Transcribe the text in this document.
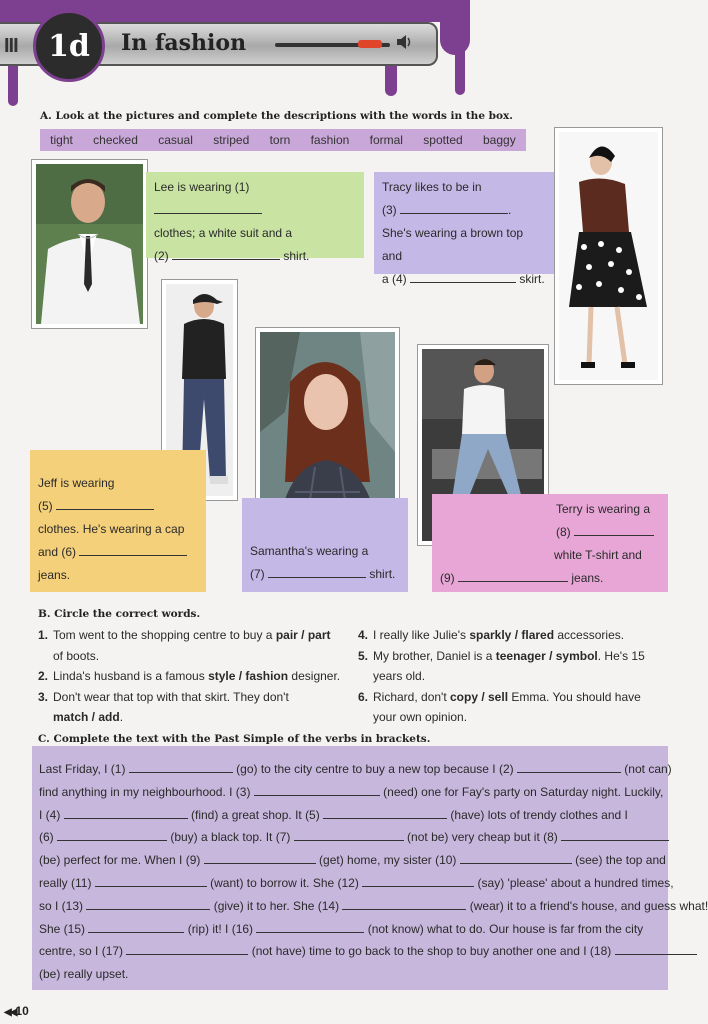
III 1d In fashion
A. Look at the pictures and complete the descriptions with the words in the box.
tight checked casual striped torn fashion formal spotted baggy
Lee is wearing (1)
clothes; a white suit and a
(2)	shirt.
Tracy likes to be in
(3)	.
She's wearing a brown top and
a (4)	skirt.
Jeff is wearing
(5)
clothes. He's wearing a cap
and (6)
jeans.
Samantha's wearing a
(7)	shirt.
Terry is wearing a
(8)
white T-shirt and
(9)	jeans.
B. Circle the correct words.
1. Tom went to the shopping centre to buy a pair / part
of boots.
2. Linda's husband is a famous style / fashion designer.
3. Don't wear that top with that skirt. They don't
match / add.
4. I really like Julie's sparkly / flared accessories.
5. My brother, Daniel is a teenager / symbol. He's 15
years old.
6. Richard, don't copy / sell Emma. You should have
your own opinion.
C. Complete the text with the Past Simple of the verbs in brackets.
Last Friday, I (1)	(go) to the city centre to buy a new top because I (2)	(not can)
find anything in my neighbourhood. I (3)	(need) one for Fay's party on Saturday night. Luckily,
I (4)	(find) a great shop. It (5)	(have) lots of trendy clothes and I
(6)	(buy) a black top. It (7)	(not be) very cheap but it (8)
(be) perfect for me. When I (9)	(get) home, my sister (10)	(see) the top and
really (11)	(want) to borrow it. She (12)	(say) 'please' about a hundred times,
so I (13)	(give) it to her. She (14)	(wear) it to a friend's house, and guess what!
She (15)	(rip) it! I (16)	(not know) what to do. Our house is far from the city
centre, so I (17)	(not have) time to go back to the shop to buy another one and I (18)
(be) really upset.
◀◀10
